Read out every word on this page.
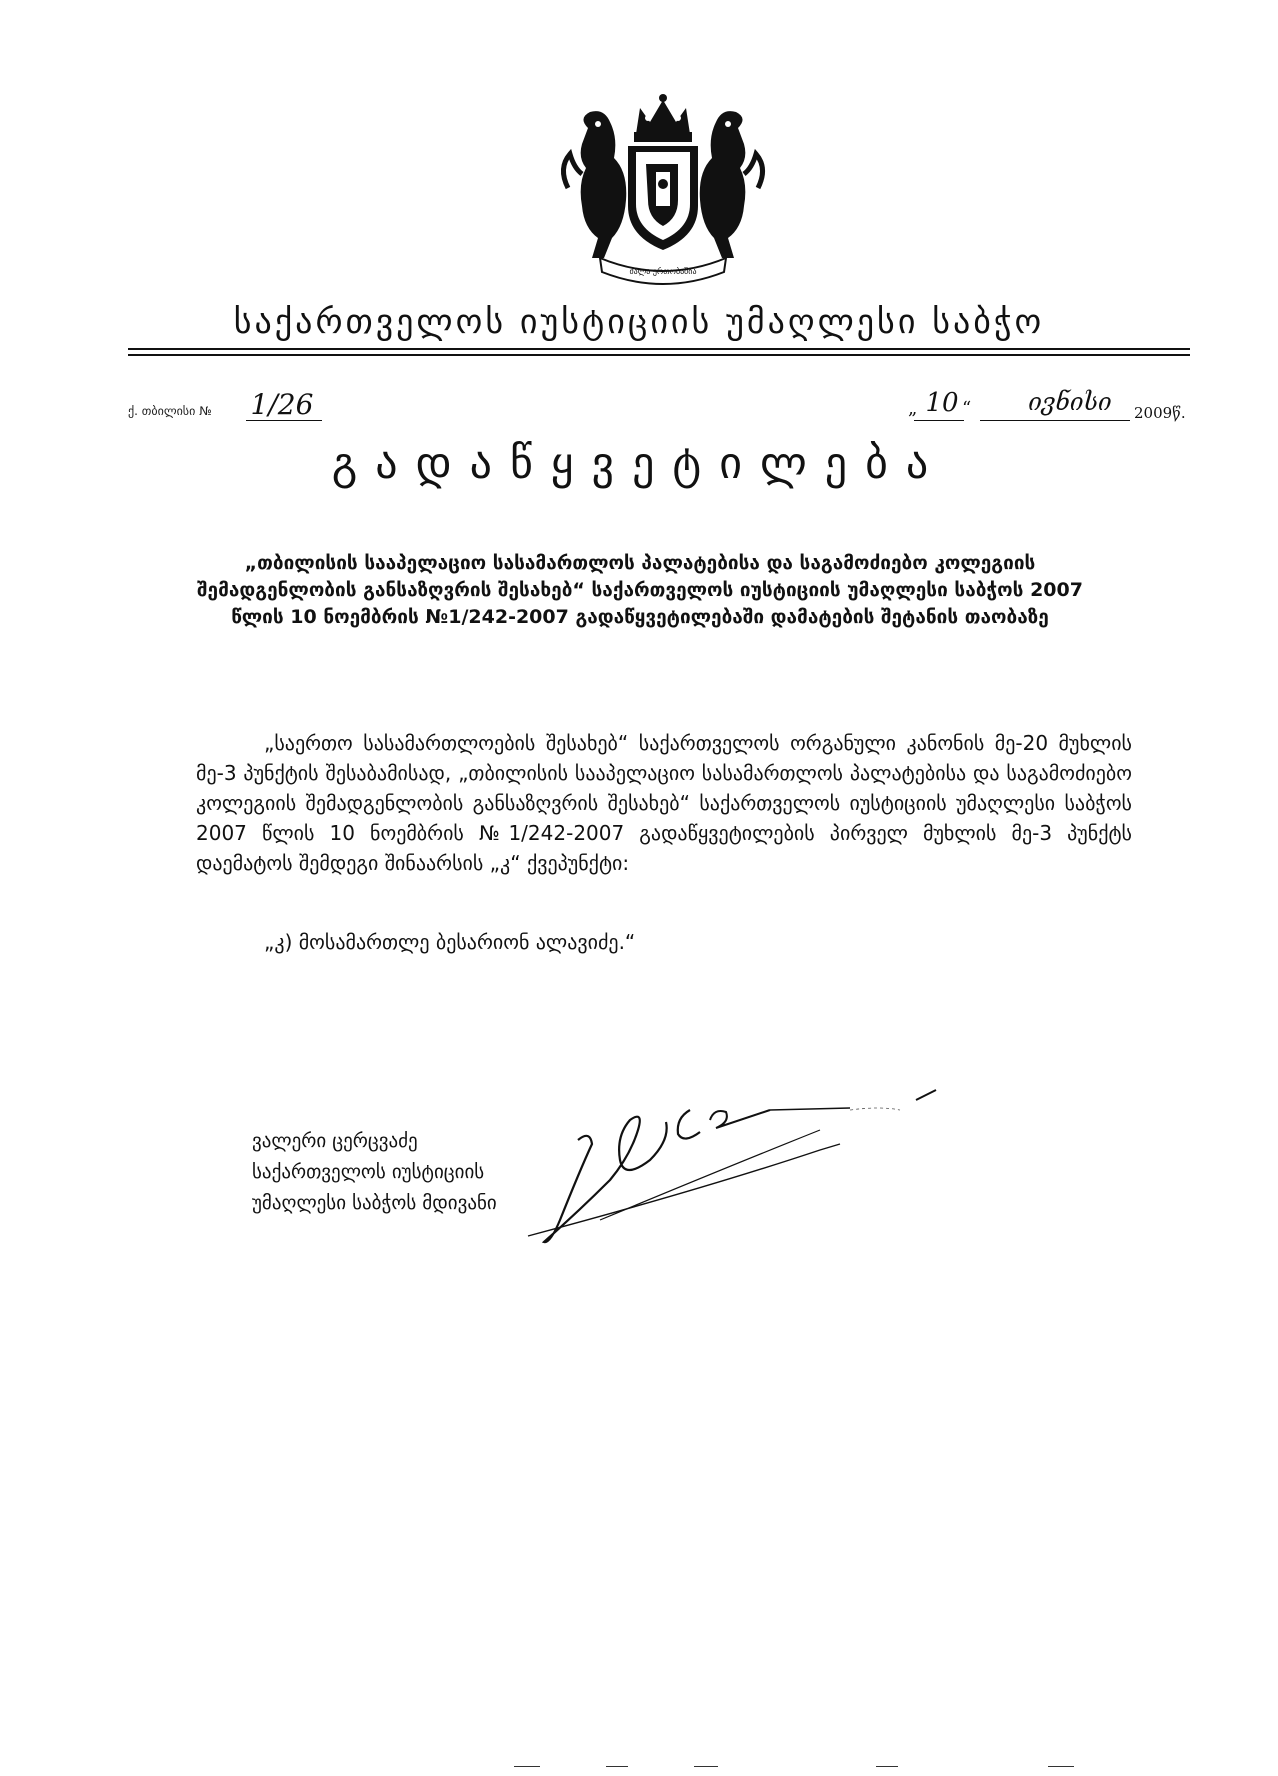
ძალა ერთობაშია
საქართველოს იუსტიციის უმაღლესი საბჭო
ქ. თბილისი № 1/26	„ 10 “	ივნისი	2009წ.
გადაწყვეტილება
„თბილისის სააპელაციო სასამართლოს პალატებისა და საგამოძიებო კოლეგიის შემადგენლობის განსაზღვრის შესახებ“ საქართველოს იუსტიციის უმაღლესი საბჭოს 2007 წლის 10 ნოემბრის №1/242-2007 გადაწყვეტილებაში დამატების შეტანის თაობაზე
„საერთო სასამართლოების შესახებ“ საქართველოს ორგანული კანონის მე-20 მუხლის მე-3 პუნქტის შესაბამისად, „თბილისის სააპელაციო სასამართლოს პალატებისა და საგამოძიებო კოლეგიის შემადგენლობის განსაზღვრის შესახებ“ საქართველოს იუსტიციის უმაღლესი საბჭოს 2007 წლის 10 ნოემბრის №1/242-2007 გადაწყვეტილების პირველ მუხლის მე-3 პუნქტს დაემატოს შემდეგი შინაარსის „კ“ ქვეპუნქტი:
„კ) მოსამართლე ბესარიონ ალავიძე.“
ვალერი ცერცვაძე
საქართველოს იუსტიციის
უმაღლესი საბჭოს მდივანი
